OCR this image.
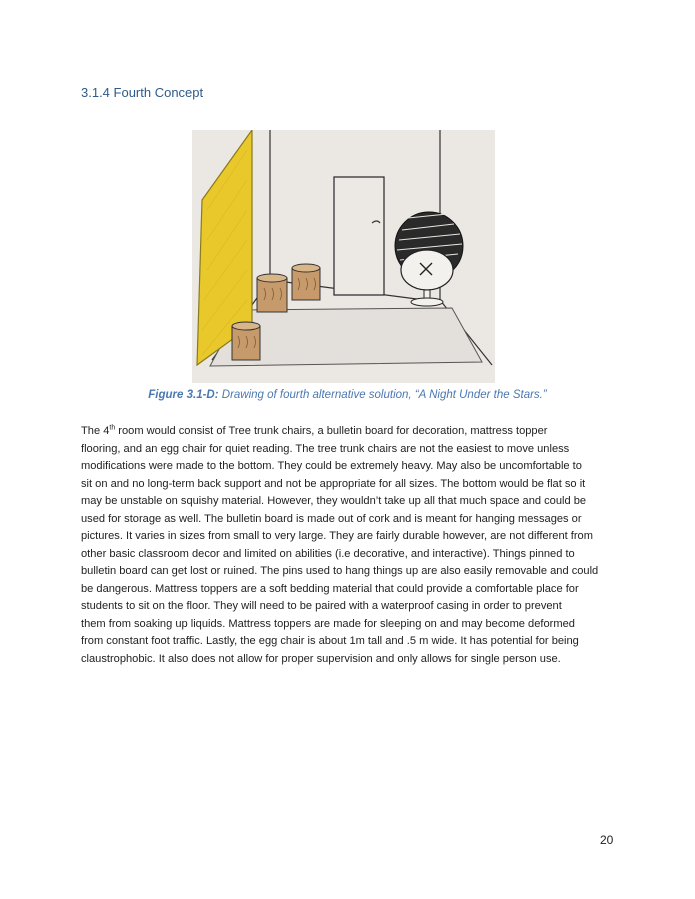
3.1.4 Fourth Concept
Figure 3.1-D: Drawing of fourth alternative solution, “A Night Under the Stars.”
The 4th room would consist of Tree trunk chairs, a bulletin board for decoration, mattress topper
flooring, and an egg chair for quiet reading. The tree trunk chairs are not the easiest to move unless
modifications were made to the bottom. They could be extremely heavy. May also be uncomfortable to
sit on and no long-term back support and not be appropriate for all sizes. The bottom would be flat so it
may be unstable on squishy material. However, they wouldn’t take up all that much space and could be
used for storage as well. The bulletin board is made out of cork and is meant for hanging messages or
pictures. It varies in sizes from small to very large. They are fairly durable however, are not different from
other basic classroom decor and limited on abilities (i.e decorative, and interactive). Things pinned to
bulletin board can get lost or ruined. The pins used to hang things up are also easily removable and could
be dangerous. Mattress toppers are a soft bedding material that could provide a comfortable place for
students to sit on the floor. They will need to be paired with a waterproof casing in order to prevent
them from soaking up liquids. Mattress toppers are made for sleeping on and may become deformed
from constant foot traffic. Lastly, the egg chair is about 1m tall and .5 m wide. It has potential for being
claustrophobic. It also does not allow for proper supervision and only allows for single person use.
20
